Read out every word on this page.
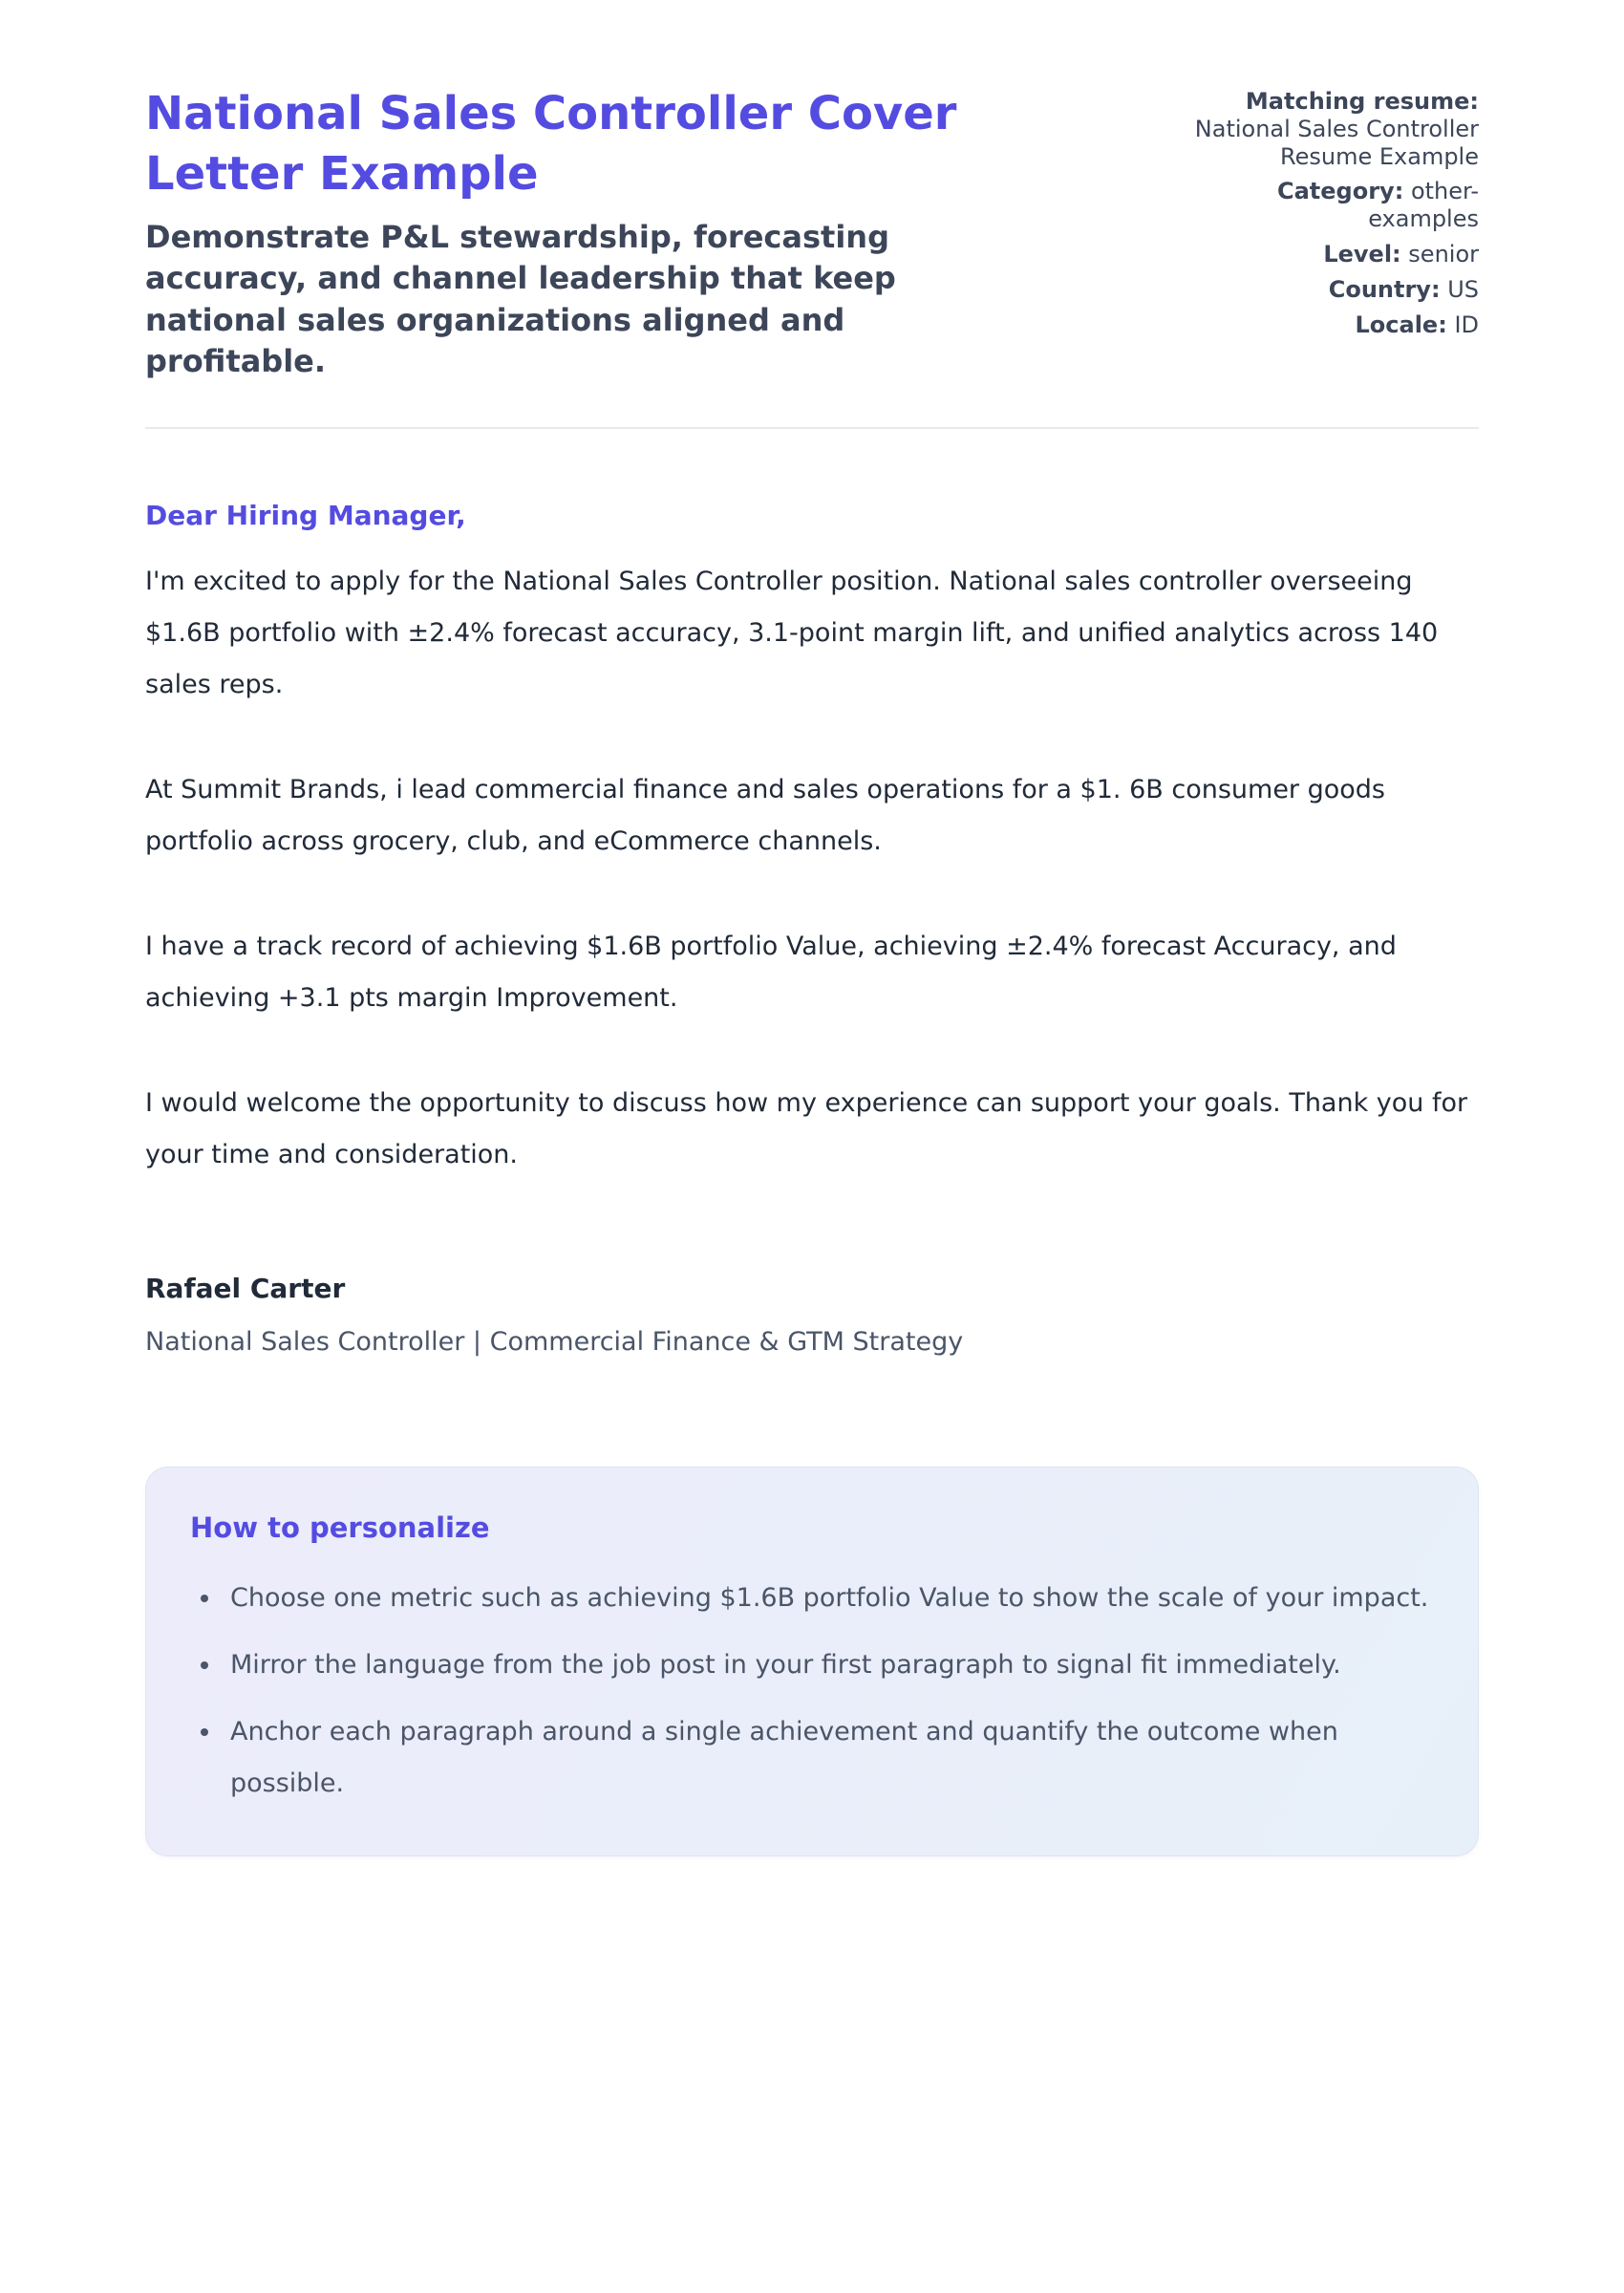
National Sales Controller Cover Letter Example

Demonstrate P&L stewardship, forecasting accuracy, and channel leadership that keep national sales organizations aligned and profitable.

Matching resume: National Sales Controller Resume Example
Category: other-examples
Level: senior
Country: US
Locale: ID

Dear Hiring Manager,

I'm excited to apply for the National Sales Controller position. National sales controller overseeing $1.6B portfolio with ±2.4% forecast accuracy, 3.1-point margin lift, and unified analytics across 140 sales reps.

At Summit Brands, i lead commercial finance and sales operations for a $1. 6B consumer goods portfolio across grocery, club, and eCommerce channels.

I have a track record of achieving $1.6B portfolio Value, achieving ±2.4% forecast Accuracy, and achieving +3.1 pts margin Improvement.

I would welcome the opportunity to discuss how my experience can support your goals. Thank you for your time and consideration.

Rafael Carter

National Sales Controller | Commercial Finance & GTM Strategy

How to personalize
• Choose one metric such as achieving $1.6B portfolio Value to show the scale of your impact.
• Mirror the language from the job post in your first paragraph to signal fit immediately.
• Anchor each paragraph around a single achievement and quantify the outcome when possible.
